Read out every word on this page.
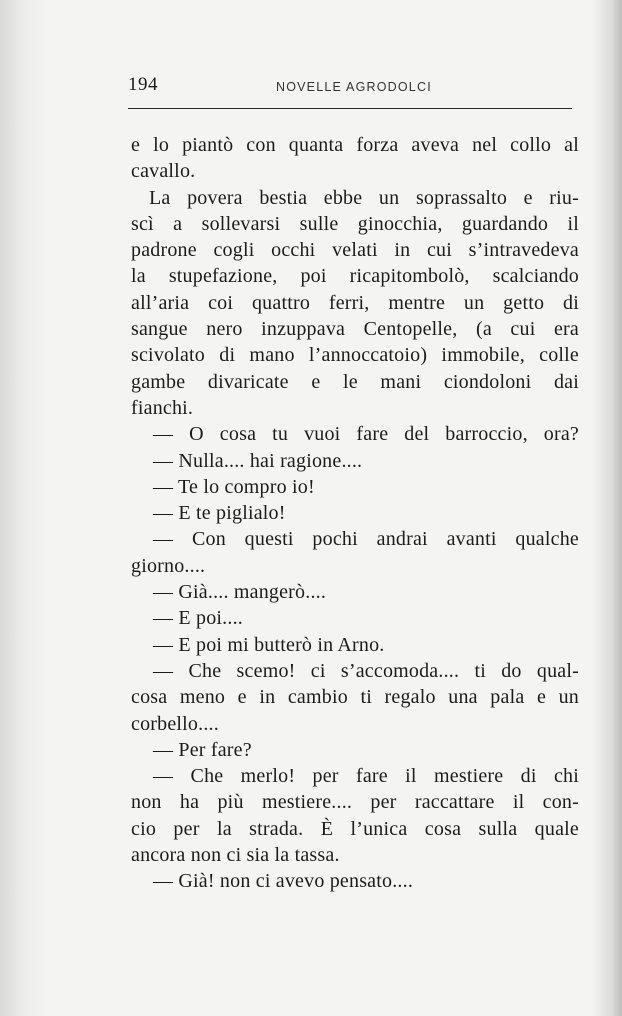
194	NOVELLE AGRODOLCI
e lo piantò con quanta forza aveva nel collo al
cavallo.
La povera bestia ebbe un soprassalto e riu-
scì a sollevarsi sulle ginocchia, guardando il
padrone cogli occhi velati in cui s’intravedeva
la stupefazione, poi ricapitombolò, scalciando
all’aria coi quattro ferri, mentre un getto di
sangue nero inzuppava Centopelle, (a cui era
scivolato di mano l’annoccatoio) immobile, colle
gambe divaricate e le mani ciondoloni dai
fianchi.
— O cosa tu vuoi fare del barroccio, ora?
— Nulla.... hai ragione....
— Te lo compro io!
— E te piglialo!
— Con questi pochi andrai avanti qualche
giorno....
— Già.... mangerò....
— E poi....
— E poi mi butterò in Arno.
— Che scemo! ci s’accomoda.... ti do qual-
cosa meno e in cambio ti regalo una pala e un
corbello....
— Per fare?
— Che merlo! per fare il mestiere di chi
non ha più mestiere.... per raccattare il con-
cio per la strada. È l’unica cosa sulla quale
ancora non ci sia la tassa.
— Già! non ci avevo pensato....
